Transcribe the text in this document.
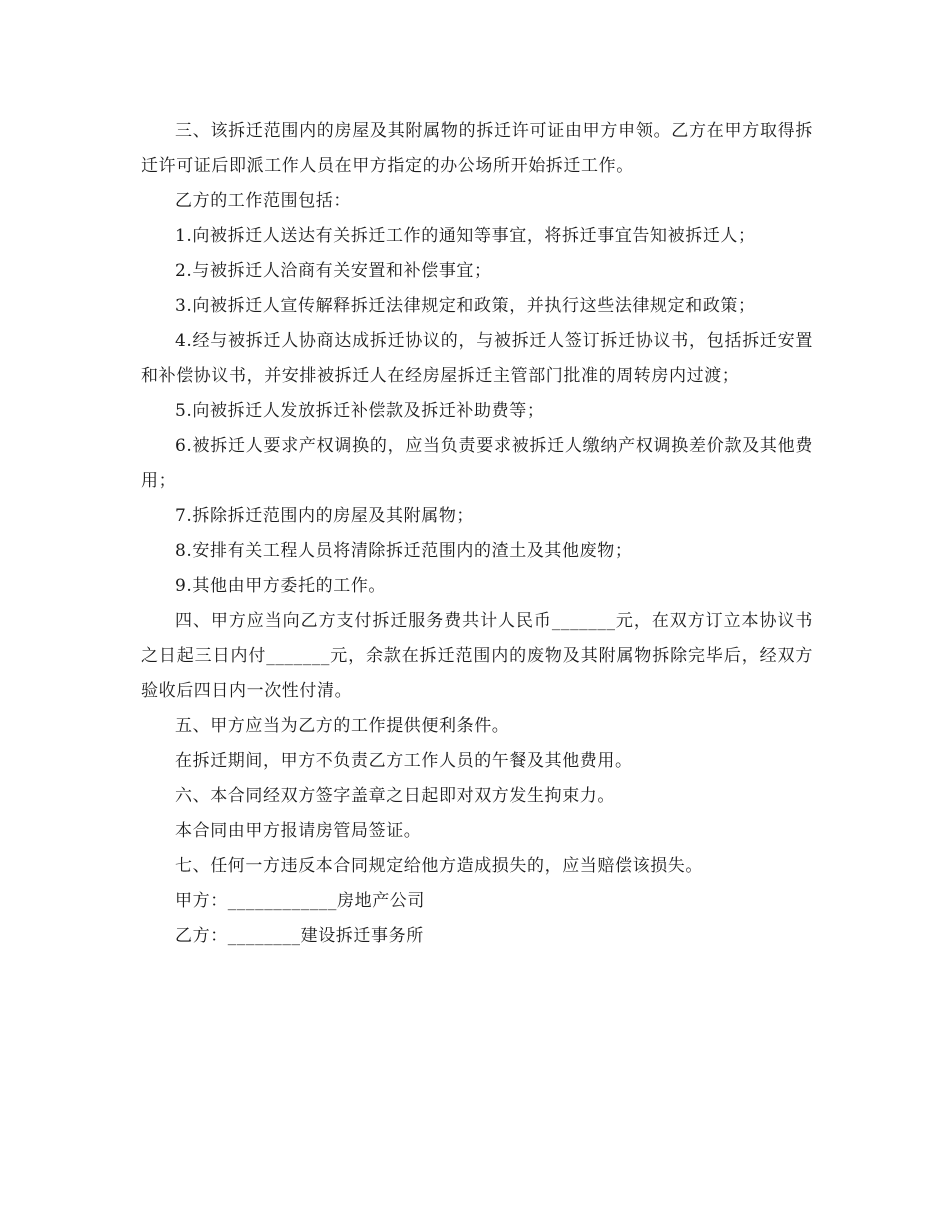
三、该拆迁范围内的房屋及其附属物的拆迁许可证由甲方申领。乙方在甲方取得拆迁许可证后即派工作人员在甲方指定的办公场所开始拆迁工作。

乙方的工作范围包括：

1.向被拆迁人送达有关拆迁工作的通知等事宜，将拆迁事宜告知被拆迁人；

2.与被拆迁人洽商有关安置和补偿事宜；

3.向被拆迁人宣传解释拆迁法律规定和政策，并执行这些法律规定和政策；

4.经与被拆迁人协商达成拆迁协议的，与被拆迁人签订拆迁协议书，包括拆迁安置和补偿协议书，并安排被拆迁人在经房屋拆迁主管部门批准的周转房内过渡；

5.向被拆迁人发放拆迁补偿款及拆迁补助费等；

6.被拆迁人要求产权调换的，应当负责要求被拆迁人缴纳产权调换差价款及其他费用；

7.拆除拆迁范围内的房屋及其附属物；

8.安排有关工程人员将清除拆迁范围内的渣土及其他废物；

9.其他由甲方委托的工作。

四、甲方应当向乙方支付拆迁服务费共计人民币_______元，在双方订立本协议书之日起三日内付_______元，余款在拆迁范围内的废物及其附属物拆除完毕后，经双方验收后四日内一次性付清。

五、甲方应当为乙方的工作提供便利条件。

在拆迁期间，甲方不负责乙方工作人员的午餐及其他费用。

六、本合同经双方签字盖章之日起即对双方发生拘束力。

本合同由甲方报请房管局签证。

七、任何一方违反本合同规定给他方造成损失的，应当赔偿该损失。

甲方：____________房地产公司

乙方：________建设拆迁事务所
